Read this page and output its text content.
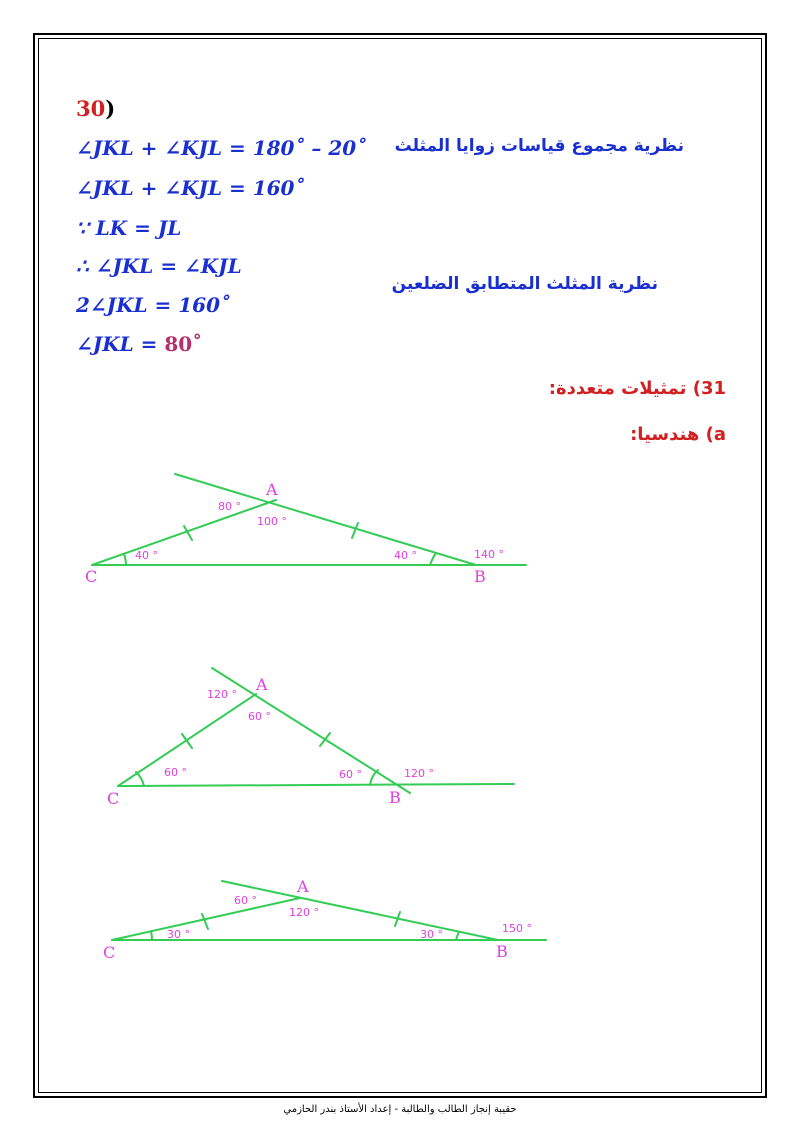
30)
∠JKL + ∠KJL = 180˚ – 20˚
∠JKL + ∠KJL = 160˚
∵ LK = JL
∴ ∠JKL = ∠KJL
2∠JKL = 160˚
∠JKL = 80˚
نظرية مجموع قياسات زوايا المثلث
نظرية المثلث المتطابق الضلعين
31) تمثيلات متعددة:
a) هندسيا:
A
C	B
80 °
100 °
40 °	40 °	140 °
A
C	B
120 °
60 °
60 °	60 °	120 °
A
C	B
60 °
120 °
30 °	30 °	150 °
حقيبة إنجاز الطالب والطالبة - إعداد الأستاذ بندر الحازمي
